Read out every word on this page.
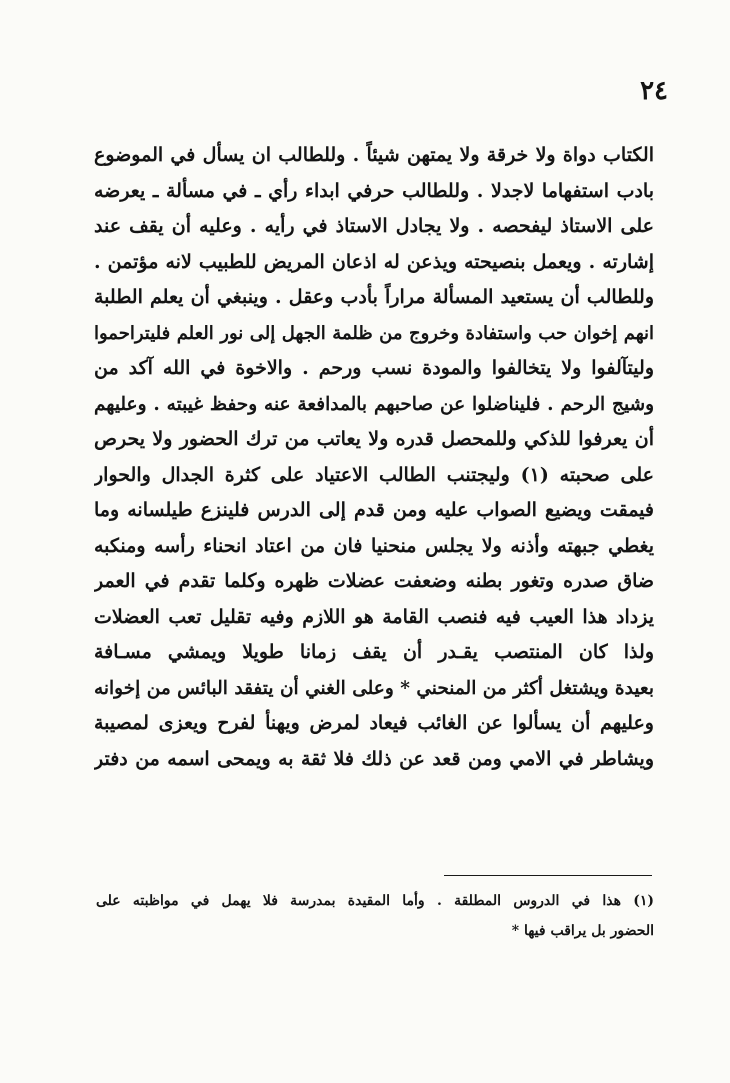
٢٤
الكتاب دواة ولا خرقة ولا يمتهن شيئاً . وللطالب ان يسأل في الموضوع
بادب استفهاما لاجدلا . وللطالب حرفي ابداء رأي ـ في مسألة ـ يعرضه
على الاستاذ ليفحصه . ولا يجادل الاستاذ في رأيه . وعليه أن يقف عند
إشارته . ويعمل بنصيحته ويذعن له اذعان المريض للطبيب لانه مؤتمن .
وللطالب أن يستعيد المسألة مراراً بأدب وعقل . وينبغي أن يعلم الطلبة
انهم إخوان حب واستفادة وخروج من ظلمة الجهل إلى نور العلم فليتراحموا
وليتآلفوا ولا يتخالفوا والمودة نسب ورحم . والاخوة في الله آكد من
وشيج الرحم . فليناضلوا عن صاحبهم بالمدافعة عنه وحفظ غيبته . وعليهم
أن يعرفوا للذكي وللمحصل قدره ولا يعاتب من ترك الحضور ولا يحرص
على صحبته (١) وليجتنب الطالب الاعتياد على كثرة الجدال والحوار
فيمقت ويضيع الصواب عليه ومن قدم إلى الدرس فلينزع طيلسانه وما
يغطي جبهته وأذنه ولا يجلس منحنيا فان من اعتاد انحناء رأسه ومنكبه
ضاق صدره وتغور بطنه وضعفت عضلات ظهره وكلما تقدم في العمر
يزداد هذا العيب فيه فنصب القامة هو اللازم وفيه تقليل تعب العضلات
ولذا كان المنتصب يقـدر أن يقف زمانا طويلا ويمشي مسـافة
بعيدة ويشتغل أكثر من المنحني * وعلى الغني أن يتفقد البائس من إخوانه
وعليهم أن يسألوا عن الغائب فيعاد لمرض ويهنأ لفرح ويعزى لمصيبة
ويشاطر في الامي ومن قعد عن ذلك فلا ثقة به ويمحى اسمه من دفتر
(١) هذا في الدروس المطلقة . وأما المقيدة بمدرسة فلا يهمل في مواظبته على
الحضور بل يراقب فيها *
